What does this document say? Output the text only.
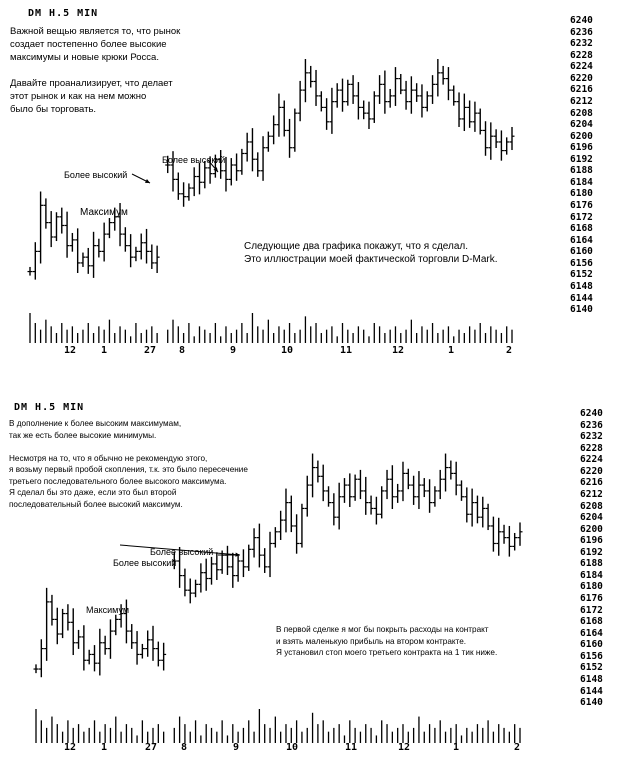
DM H.5 MIN
Важной вещью является то, что рынок
создает постепенно более высокие
максимумы и новые крюки Росса.

Давайте проанализирует, что делает
этот рынок и как на нем можно
было бы торговать.
Максимум
Более высокий
Более высокий
Следующие два графика покажут, что я сделал.
Это иллюстрации моей фактической торговли D-Mark.
6240
6236
6232
6228
6224
6220
6216
6212
6208
6204
6200
6196
6192
6188
6184
6180
6176
6172
6168
6164
6160
6156
6152
6148
6144
6140
12 1	27 8	9	10	11	12	1	2
DM H.5 MIN
В дополнение к более высоким максимумам,
так же есть более высокие минимумы.

Несмотря на то, что я обычно не рекомендую этого,
я возьму первый пробой скопления, т.к. это было пересечение
третьего последовательного более высокого максимума.
Я сделал бы это даже, если это был второй
последовательный более высокий максимум.
Максимум
Более высокий
Более высокий
В первой сделке я мог бы покрыть расходы на контракт
и взять маленькую прибыль на втором контракте.
Я установил стоп моего третьего контракта на 1 тик ниже.
6240
6236
6232
6228
6224
6220
6216
6212
6208
6204
6200
6196
6192
6188
6184
6180
6176
6172
6168
6164
6160
6156
6152
6148
6144
6140
12 1	27 8	9	10	11	12	1	2
